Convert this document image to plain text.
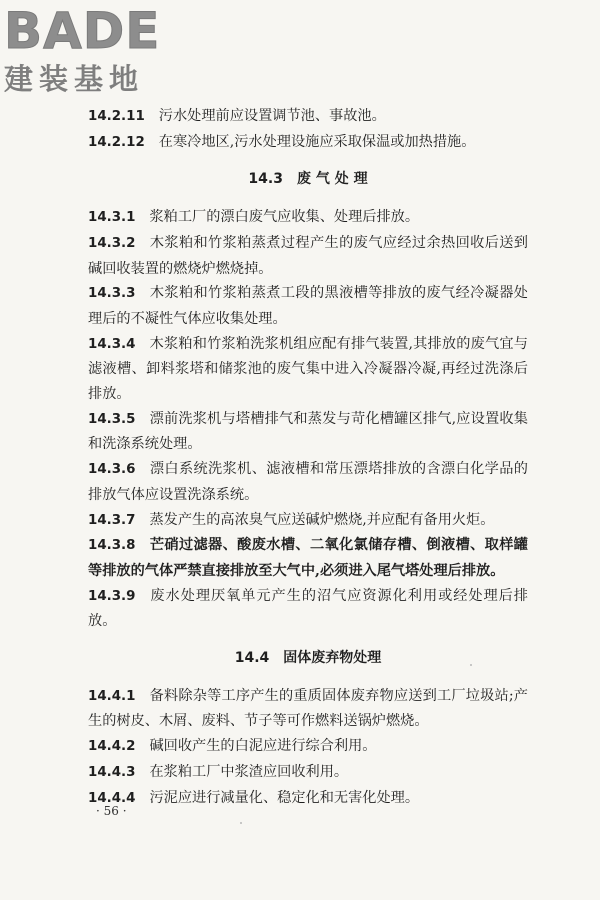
BADE
建装基地

14.2.11 污水处理前应设置调节池、事故池。

14.2.12 在寒冷地区,污水处理设施应采取保温或加热措施。

14.3 废 气 处 理

14.3.1 浆粕工厂的漂白废气应收集、处理后排放。

14.3.2 木浆粕和竹浆粕蒸煮过程产生的废气应经过余热回收后送到碱回收装置的燃烧炉燃烧掉。

14.3.3 木浆粕和竹浆粕蒸煮工段的黑液槽等排放的废气经冷凝器处理后的不凝性气体应收集处理。

14.3.4 木浆粕和竹浆粕洗浆机组应配有排气装置,其排放的废气宜与滤液槽、卸料浆塔和储浆池的废气集中进入冷凝器冷凝,再经过洗涤后排放。

14.3.5 漂前洗浆机与塔槽排气和蒸发与苛化槽罐区排气,应设置收集和洗涤系统处理。

14.3.6 漂白系统洗浆机、滤液槽和常压漂塔排放的含漂白化学品的排放气体应设置洗涤系统。

14.3.7 蒸发产生的高浓臭气应送碱炉燃烧,并应配有备用火炬。

14.3.8 芒硝过滤器、酸废水槽、二氧化氯储存槽、倒液槽、取样罐等排放的气体严禁直接排放至大气中,必须进入尾气塔处理后排放。

14.3.9 废水处理厌氧单元产生的沼气应资源化利用或经处理后排放。

14.4 固体废弃物处理

14.4.1 备料除杂等工序产生的重质固体废弃物应送到工厂垃圾站;产生的树皮、木屑、废料、节子等可作燃料送锅炉燃烧。

14.4.2 碱回收产生的白泥应进行综合利用。

14.4.3 在浆粕工厂中浆渣应回收利用。

14.4.4 污泥应进行减量化、稳定化和无害化处理。

· 56 ·
